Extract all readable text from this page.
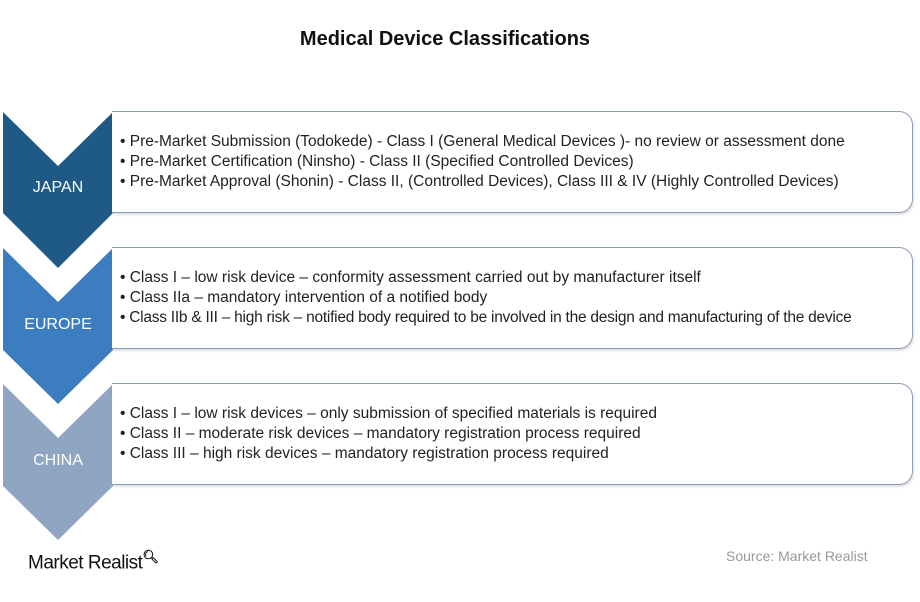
Medical Device Classifications
• Pre-Market Submission (Todokede) - Class I (General Medical Devices )- no review or assessment done
• Pre-Market Certification (Ninsho) - Class II (Specified Controlled Devices)
• Pre-Market Approval (Shonin) - Class II, (Controlled Devices), Class III & IV (Highly Controlled Devices)
• Class I – low risk device – conformity assessment carried out by manufacturer itself
• Class IIa – mandatory intervention of a notified body
• Class IIb & III – high risk – notified body required to be involved in the design and manufacturing of the device
• Class I – low risk devices – only submission of specified materials is required
• Class II – moderate risk devices – mandatory registration process required
• Class III – high risk devices – mandatory registration process required
JAPAN
EUROPE
CHINA
Market Realist🔍︎	Source: Market Realist
